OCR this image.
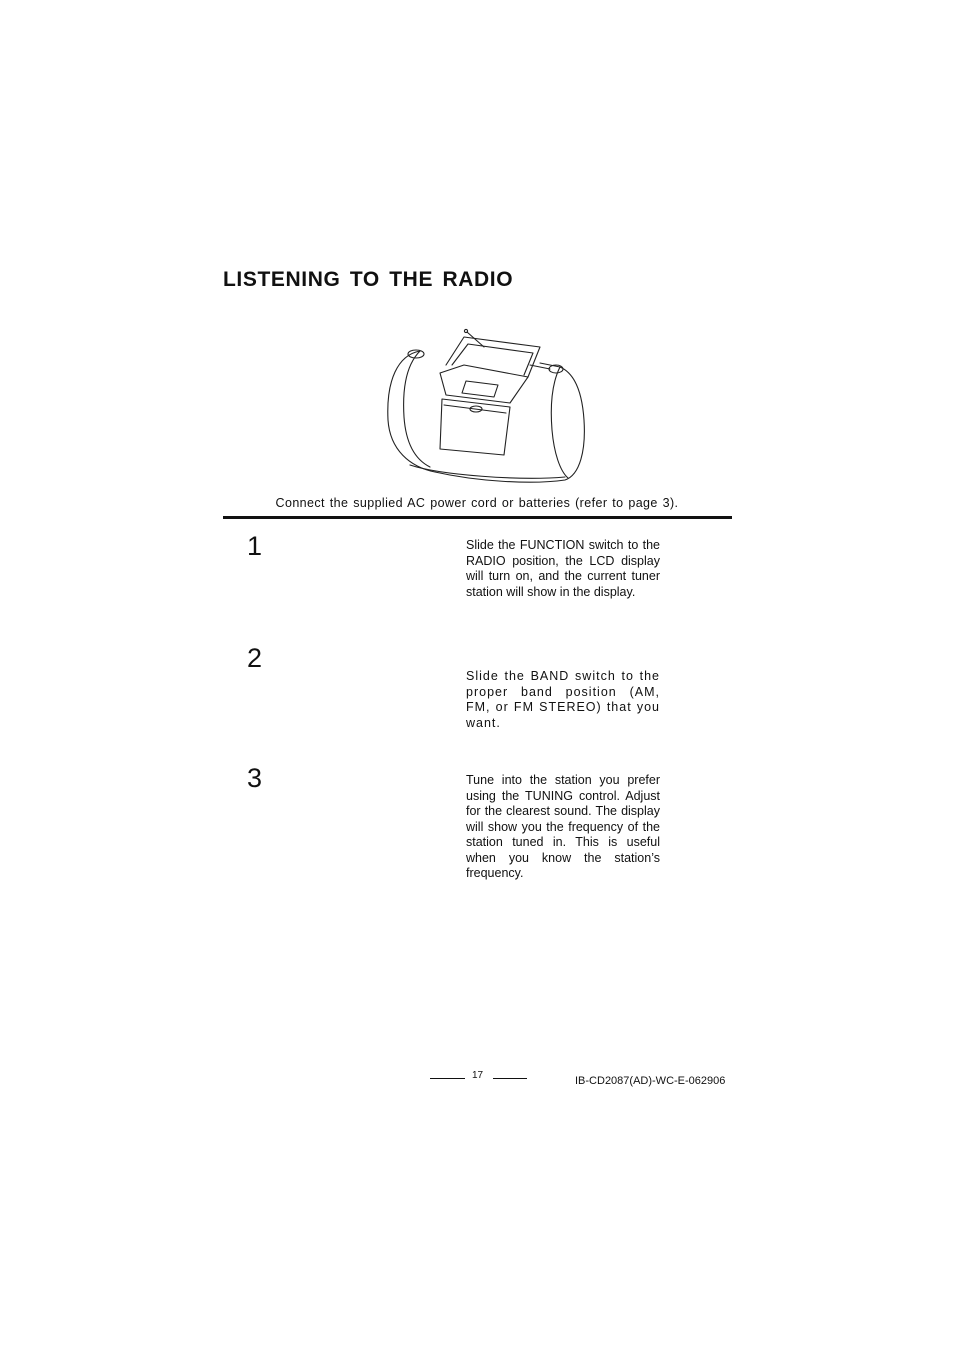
LISTENING TO THE RADIO
Connect the supplied AC power cord or batteries (refer to page 3).
1	Slide the FUNCTION switch to the RADIO position, the LCD display will turn on, and the current tuner station will show in the display.

2

Slide the BAND switch to the proper band position (AM, FM, or FM STEREO) that you want.

3	Tune into the station you prefer using the TUNING control. Adjust for the clearest sound. The display will show you the frequency of the station tuned in. This is useful when you know the station’s frequency.

17	IB-CD2087(AD)-WC-E-062906
